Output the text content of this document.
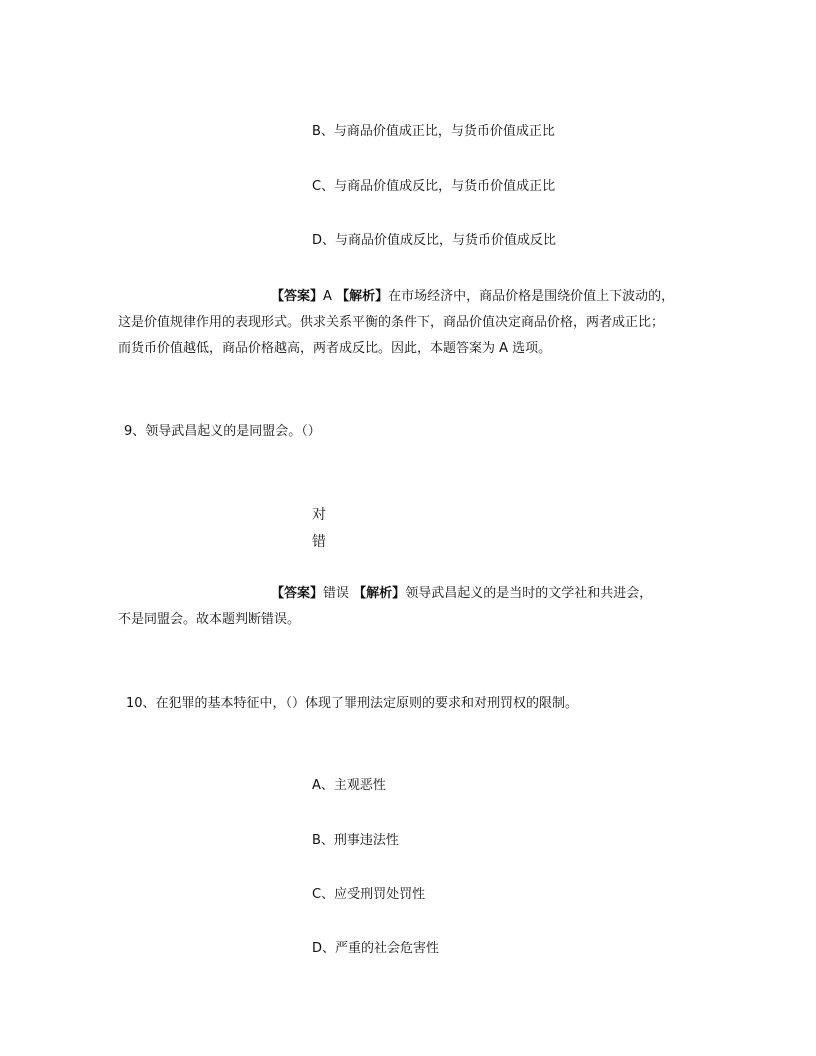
B、与商品价值成正比，与货币价值成正比
C、与商品价值成反比，与货币价值成正比
D、与商品价值成反比，与货币价值成反比
【答案】A 【解析】在市场经济中，商品价格是围绕价值上下波动的，
这是价值规律作用的表现形式。供求关系平衡的条件下，商品价值决定商品价格，两者成正比；
而货币价值越低，商品价格越高，两者成反比。因此，本题答案为 A 选项。
9、领导武昌起义的是同盟会。（）
对
错
【答案】错误 【解析】领导武昌起义的是当时的文学社和共进会，
不是同盟会。故本题判断错误。
10、在犯罪的基本特征中，（）体现了罪刑法定原则的要求和对刑罚权的限制。
A、主观恶性
B、刑事违法性
C、应受刑罚处罚性
D、严重的社会危害性
